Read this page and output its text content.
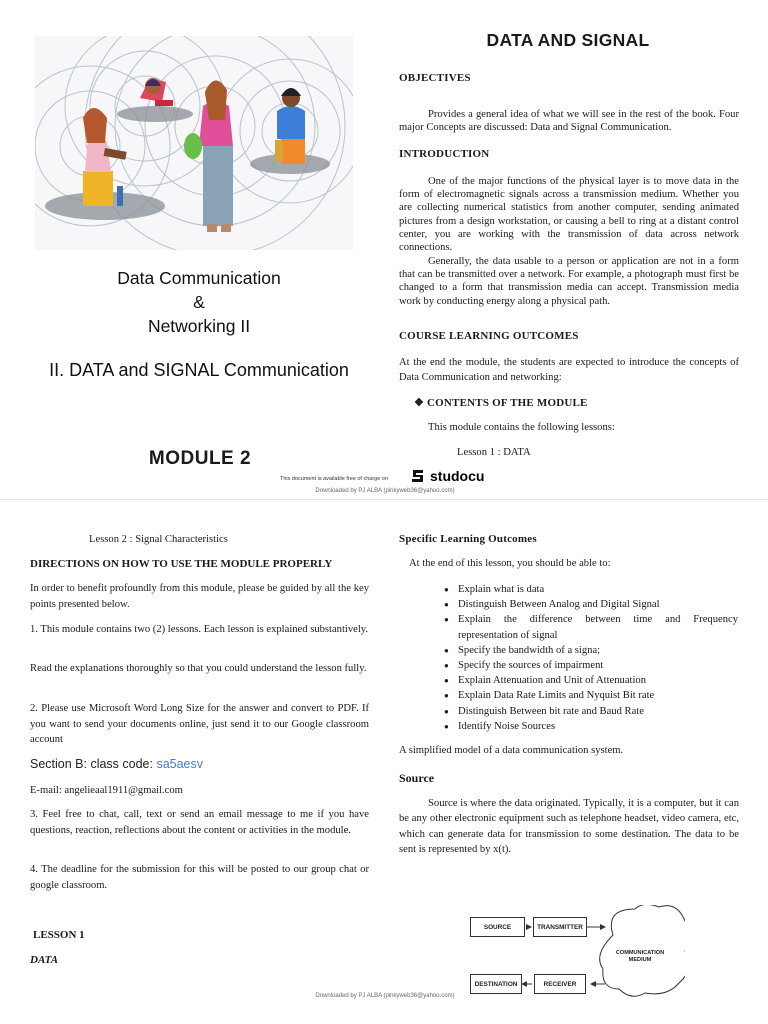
Data Communication
&
Networking II
II. DATA and SIGNAL Communication
MODULE 2
DATA AND SIGNAL
OBJECTIVES
Provides a general idea of what we will see in the rest of the book. Four major Concepts are discussed: Data and Signal Communication.
INTRODUCTION
One of the major functions of the physical layer is to move data in the form of electromagnetic signals across a transmission medium. Whether you are collecting numerical statistics from another computer, sending animated pictures from a design workstation, or causing a bell to ring at a distant control center, you are working with the transmission of data across network connections.
Generally, the data usable to a person or application are not in a form that can be transmitted over a network. For example, a photograph must first be changed to a form that transmission media can accept. Transmission media work by conducting energy along a physical path.
COURSE LEARNING OUTCOMES
At the end the module, the students are expected to introduce the concepts of Data Communication and networking:
❖ CONTENTS OF THE MODULE
This module contains the following lessons:
Lesson 1 : DATA
This document is available free of charge on	studocu
Downloaded by PJ ALBA (pinkyweb36@yahoo.com)
Lesson 2 : Signal Characteristics
DIRECTIONS ON HOW TO USE THE MODULE PROPERLY
In order to benefit profoundly from this module, please be guided by all the key points presented below.
1. This module contains two (2) lessons. Each lesson is explained substantively.
Read the explanations thoroughly so that you could understand the lesson fully.
2. Please use Microsoft Word Long Size for the answer and convert to PDF. If you want to send your documents online, just send it to our Google classroom account
Section B: class code: sa5aesv
E-mail: angelieaal1911@gmail.com
3. Feel free to chat, call, text or send an email message to me if you have questions, reaction, reflections about the content or activities in the module.
4. The deadline for the submission for this will be posted to our group chat or google classroom.
LESSON 1
DATA
Specific Learning Outcomes
At the end of this lesson, you should be able to:
● Explain what is data
● Distinguish Between Analog and Digital Signal
● Explain the difference between time and Frequency representation of signal
● Specify the bandwidth of a signa;
● Specify the sources of impairment
● Explain Attenuation and Unit of Attenuation
● Explain Data Rate Limits and Nyquist Bit rate
● Distinguish Between bit rate and Baud Rate
● Identify Noise Sources
A simplified model of a data communication system.
Source
Source is where the data originated. Typically, it is a computer, but it can be any other electronic equipment such as telephone headset, video camera, etc, which can generate data for transmission to some destination. The data to be sent is represented by x(t).
SOURCE	TRANSMITTER
COMMUNICATION MEDIUM
DESTINATION	RECEIVER
Downloaded by PJ ALBA (pinkyweb36@yahoo.com)
